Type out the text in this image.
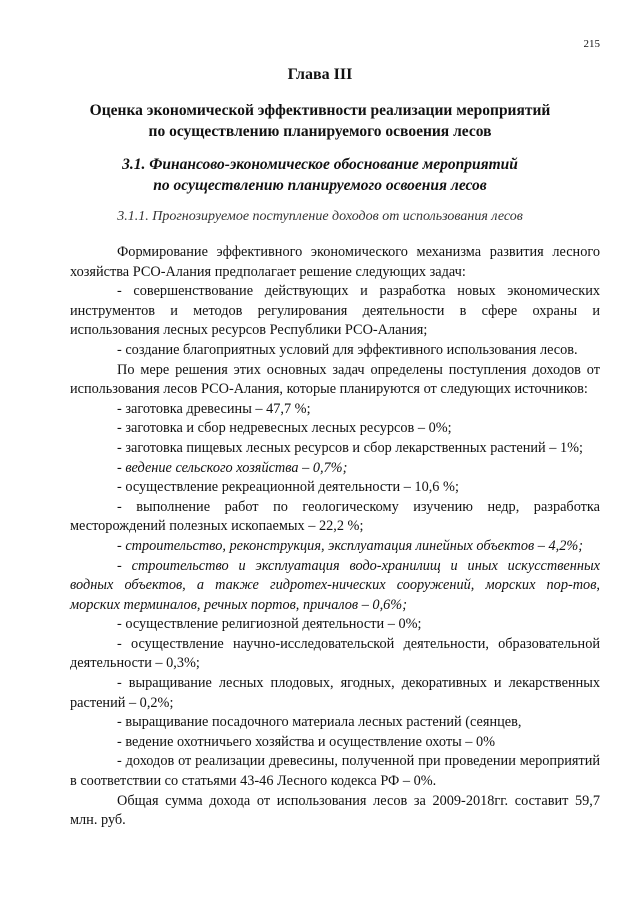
215
Глава III
Оценка экономической эффективности реализации мероприятий
по осуществлению планируемого освоения лесов
3.1. Финансово-экономическое обоснование мероприятий
по осуществлению планируемого освоения лесов
3.1.1. Прогнозируемое поступление доходов от использования лесов

Формирование эффективного экономического механизма развития лесного хозяйства РСО-Алания предполагает решение следующих задач:

- совершенствование действующих и разработка новых экономических инструментов и методов регулирования деятельности в сфере охраны и использования лесных ресурсов Республики РСО-Алания;

- создание благоприятных условий для эффективного использования лесов.

По мере решения этих основных задач определены поступления доходов от использования лесов РСО-Алания, которые планируются от следующих источников:

- заготовка древесины – 47,7 %;

- заготовка и сбор недревесных лесных ресурсов – 0%;

- заготовка пищевых лесных ресурсов и сбор лекарственных растений – 1%;

- ведение сельского хозяйства – 0,7%;

- осуществление рекреационной деятельности – 10,6 %;

- выполнение работ по геологическому изучению недр, разработка месторождений полезных ископаемых – 22,2 %;

- строительство, реконструкция, эксплуатация линейных объектов – 4,2%;

- строительство и эксплуатация водо-хранилищ и иных искусственных водных объектов, а также гидротех-нических сооружений, морских пор-тов, морских терминалов, речных портов, причалов – 0,6%;

- осуществление религиозной деятельности – 0%;

- осуществление научно-исследовательской деятельности, образовательной деятельности – 0,3%;

- выращивание лесных плодовых, ягодных, декоративных и лекарственных растений – 0,2%;

- выращивание посадочного материала лесных растений (сеянцев,

- ведение охотничьего хозяйства и осуществление охоты – 0%

- доходов от реализации древесины, полученной при проведении мероприятий в соответствии со статьями 43-46 Лесного кодекса РФ – 0%.

Общая сумма дохода от использования лесов за 2009-2018гг. составит 59,7 млн. руб.
